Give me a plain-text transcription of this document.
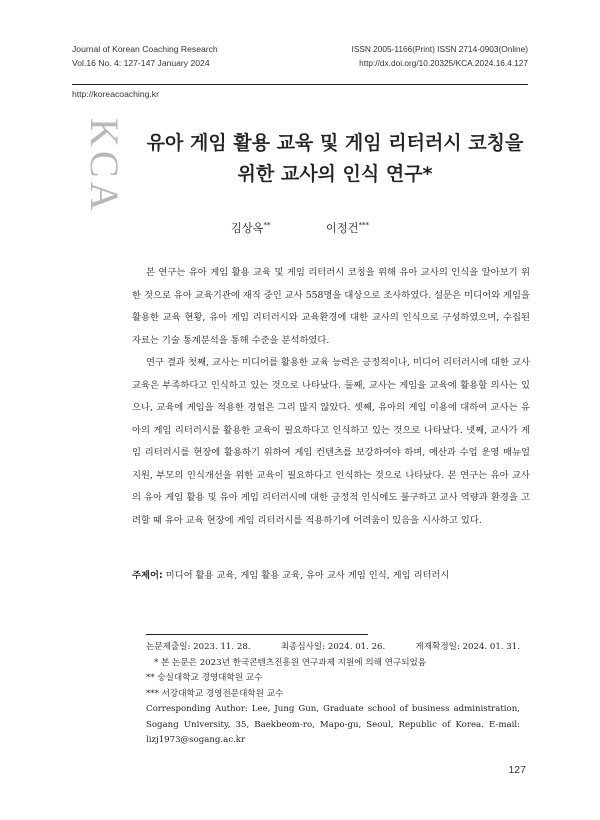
Journal of Korean Coaching Research
Vol.16 No. 4: 127-147 January 2024
ISSN 2005-1166(Print) ISSN 2714-0903(Online)
http://dx.doi.org/10.20325/KCA.2024.16.4.127
http://koreacoaching.kr
KCA	유아 게임 활용 교육 및 게임 리터러시 코칭을
위한 교사의 인식 연구*
김상옥**	이정건***

본 연구는 유아 게임 활용 교육 및 게임 리터러시 코칭을 위해 유아 교사의 인식을 알아보기 위한 것으로 유아 교육기관에 재직 중인 교사 558명을 대상으로 조사하였다. 설문은 미디어와 게임을 활용한 교육 현황, 유아 게임 리터러시와 교육환경에 대한 교사의 인식으로 구성하였으며, 수집된 자료는 기술 통계분석을 통해 수준을 분석하였다.

연구 결과 첫째, 교사는 미디어를 활용한 교육 능력은 긍정적이나, 미디어 리터러시에 대한 교사 교육은 부족하다고 인식하고 있는 것으로 나타났다. 둘째, 교사는 게임을 교육에 활용할 의사는 있으나, 교육에 게임을 적용한 경험은 그리 많지 않았다. 셋째, 유아의 게임 이용에 대하여 교사는 유아의 게임 리터러시를 활용한 교육이 필요하다고 인식하고 있는 것으로 나타났다. 넷째, 교사가 게임 리터러시를 현장에 활용하기 위하여 게임 컨텐츠를 보강하여야 하며, 예산과 수업 운영 매뉴얼 지원, 부모의 인식개선을 위한 교육이 필요하다고 인식하는 것으로 나타났다. 본 연구는 유아 교사의 유아 게임 활용 및 유아 게임 리터러시에 대한 긍정적 인식에도 불구하고 교사 역량과 환경을 고려할 때 유아 교육 현장에 게임 리터러시를 적용하기에 어려움이 있음을 시사하고 있다.

주제어: 미디어 활용 교육, 게임 활용 교육, 유아 교사 게임 인식, 게임 리터러시
논문제출일: 2023. 11. 28.	최종심사일: 2024. 01. 26.	게재확정일: 2024. 01. 31.
* 본 논문은 2023년 한국콘텐츠진흥원 연구과제 지원에 의해 연구되었음
** 숭실대학교 경영대학원 교수
*** 서강대학교 경영전문대학원 교수
Corresponding Author: Lee, Jung Gun, Graduate school of business administration, Sogang University, 35, Baekbeom-ro, Mapo-gu, Seoul, Republic of Korea. E-mail: lizj1973@sogang.ac.kr
127
